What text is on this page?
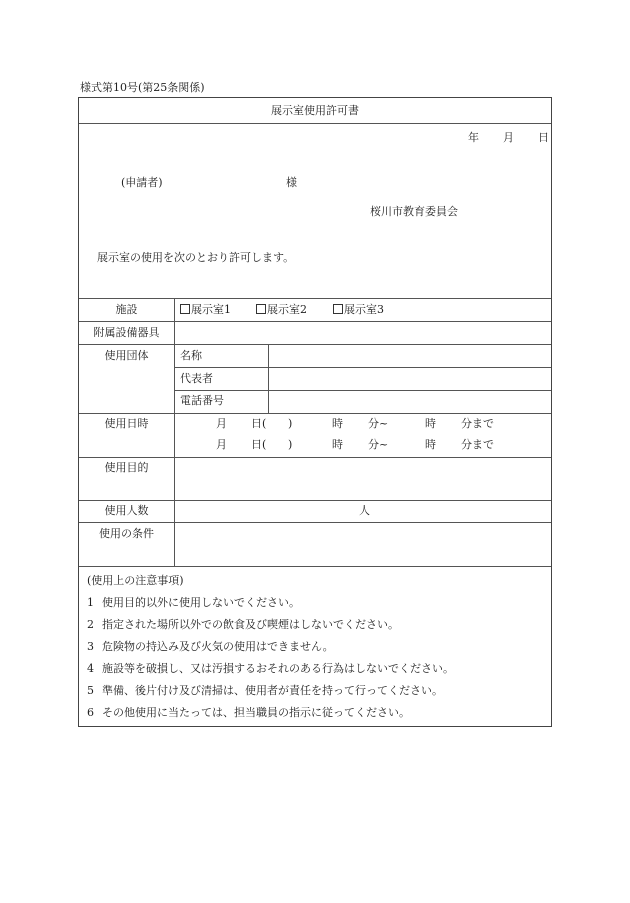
様式第10号(第25条関係)
展示室使用許可書
年 月 日
(申請者)	様
桜川市教育委員会
展示室の使用を次のとおり許可します。
施設	展示室1	展示室2	展示室3
附属設備器具
使用団体	名称
代表者
電話番号
使用日時	月 日( )	時 分~	時 分まで
月 日( )	時 分~	時 分まで
使用目的
使用人数	人
使用の条件
(使用上の注意事項)
1 使用目的以外に使用しないでください。
2 指定された場所以外での飲食及び喫煙はしないでください。
3 危険物の持込み及び火気の使用はできません。
4 施設等を破損し、又は汚損するおそれのある行為はしないでください。
5 準備、後片付け及び清掃は、使用者が責任を持って行ってください。
6 その他使用に当たっては、担当職員の指示に従ってください。
